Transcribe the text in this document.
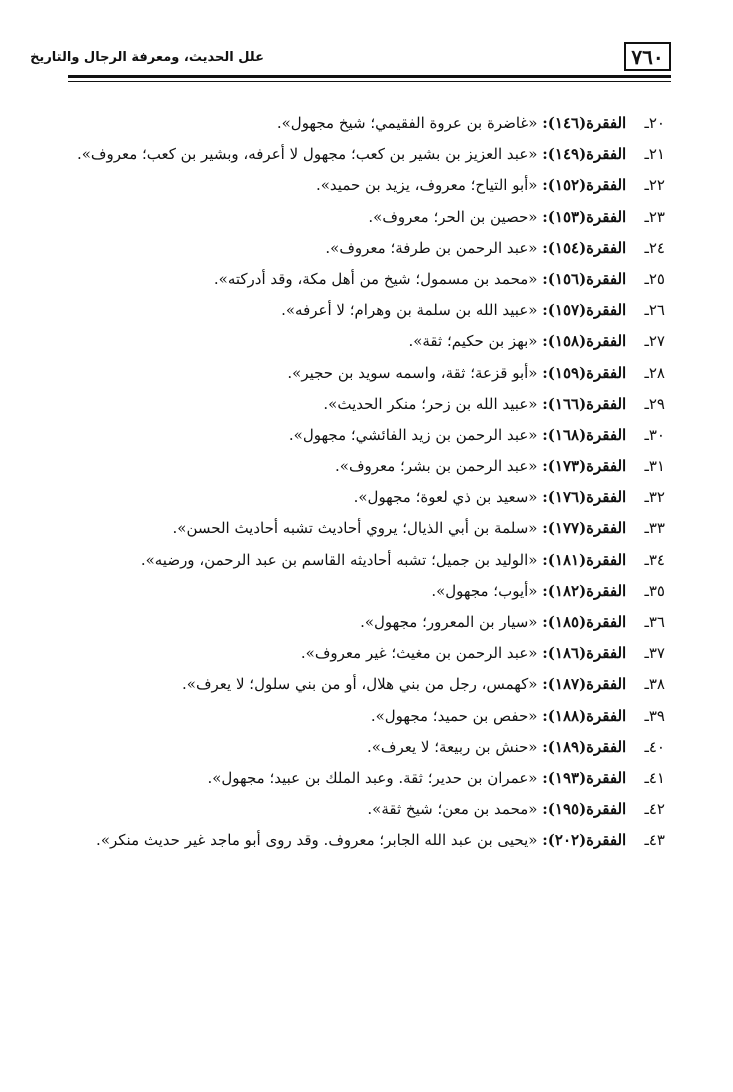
٧٦٠
علل الحديث، ومعرفة الرجال والتاريخ
٢٠ـ الفقرة(١٤٦): «غاضرة بن عروة الفقيمي؛ شيخ مجهول».
٢١ـ الفقرة(١٤٩): «عبد العزيز بن بشير بن كعب؛ مجهول لا أعرفه، وبشير بن كعب؛ معروف».
٢٢ـ الفقرة(١٥٢): «أبو التياح؛ معروف، يزيد بن حميد».
٢٣ـ الفقرة(١٥٣): «حصين بن الحر؛ معروف».
٢٤ـ الفقرة(١٥٤): «عبد الرحمن بن طرفة؛ معروف».
٢٥ـ الفقرة(١٥٦): «محمد بن مسمول؛ شيخ من أهل مكة، وقد أدركته».
٢٦ـ الفقرة(١٥٧): «عبيد الله بن سلمة بن وهرام؛ لا أعرفه».
٢٧ـ الفقرة(١٥٨): «بهز بن حكيم؛ ثقة».
٢٨ـ الفقرة(١٥٩): «أبو قزعة؛ ثقة، واسمه سويد بن حجير».
٢٩ـ الفقرة(١٦٦): «عبيد الله بن زحر؛ منكر الحديث».
٣٠ـ الفقرة(١٦٨): «عبد الرحمن بن زيد الفائشي؛ مجهول».
٣١ـ الفقرة(١٧٣): «عبد الرحمن بن بشر؛ معروف».
٣٢ـ الفقرة(١٧٦): «سعيد بن ذي لعوة؛ مجهول».
٣٣ـ الفقرة(١٧٧): «سلمة بن أبي الذيال؛ يروي أحاديث تشبه أحاديث الحسن».
٣٤ـ الفقرة(١٨١): «الوليد بن جميل؛ تشبه أحاديثه القاسم بن عبد الرحمن، ورضيه».
٣٥ـ الفقرة(١٨٢): «أيوب؛ مجهول».
٣٦ـ الفقرة(١٨٥): «سيار بن المعرور؛ مجهول».
٣٧ـ الفقرة(١٨٦): «عبد الرحمن بن مغيث؛ غير معروف».
٣٨ـ الفقرة(١٨٧): «كهمس، رجل من بني هلال، أو من بني سلول؛ لا يعرف».
٣٩ـ الفقرة(١٨٨): «حفص بن حميد؛ مجهول».
٤٠ـ الفقرة(١٨٩): «حنش بن ربيعة؛ لا يعرف».
٤١ـ الفقرة(١٩٣): «عمران بن حدير؛ ثقة. وعبد الملك بن عبيد؛ مجهول».
٤٢ـ الفقرة(١٩٥): «محمد بن معن؛ شيخ ثقة».
٤٣ـ الفقرة(٢٠٢): «يحيى بن عبد الله الجابر؛ معروف. وقد روى أبو ماجد غير حديث منكر».
